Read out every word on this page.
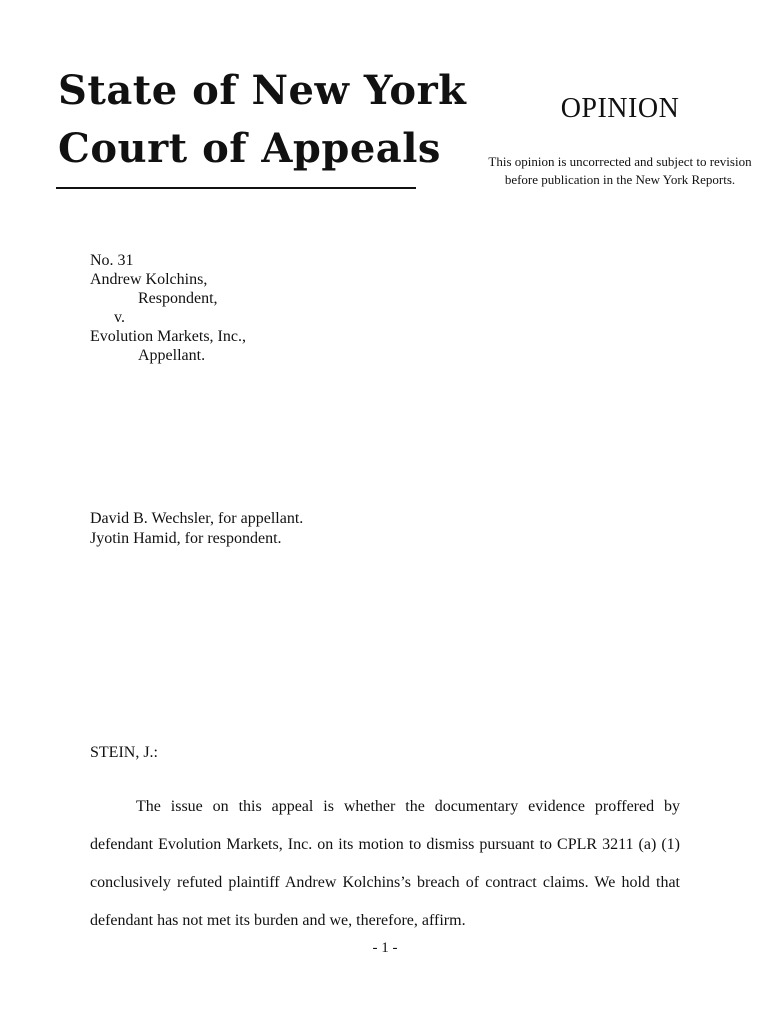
State of New York
Court of Appeals
OPINION
This opinion is uncorrected and subject to revision
before publication in the New York Reports.
No. 31
Andrew Kolchins,
Respondent,
v.
Evolution Markets, Inc.,
Appellant.
David B. Wechsler, for appellant.
Jyotin Hamid, for respondent.
STEIN, J.:
The issue on this appeal is whether the documentary evidence proffered by defendant Evolution Markets, Inc. on its motion to dismiss pursuant to CPLR 3211 (a) (1) conclusively refuted plaintiff Andrew Kolchins’s breach of contract claims. We hold that defendant has not met its burden and we, therefore, affirm.
- 1 -
